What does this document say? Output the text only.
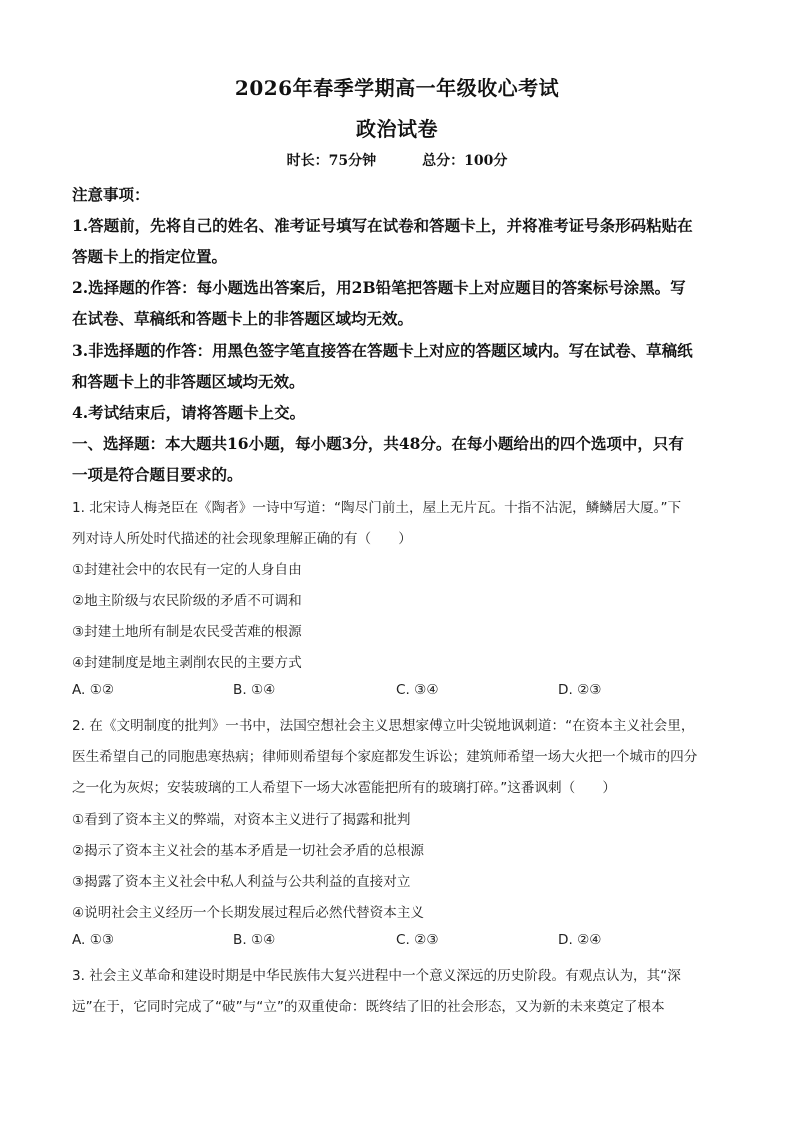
2026年春季学期高一年级收心考试
政治试卷
时长：75分钟	总分：100分
注意事项：
1.答题前，先将自己的姓名、准考证号填写在试卷和答题卡上，并将准考证号条形码粘贴在
答题卡上的指定位置。
2.选择题的作答：每小题选出答案后，用2B铅笔把答题卡上对应题目的答案标号涂黑。写
在试卷、草稿纸和答题卡上的非答题区域均无效。
3.非选择题的作答：用黑色签字笔直接答在答题卡上对应的答题区域内。写在试卷、草稿纸
和答题卡上的非答题区域均无效。
4.考试结束后，请将答题卡上交。
一、选择题：本大题共16小题，每小题3分，共48分。在每小题给出的四个选项中，只有
一项是符合题目要求的。
1. 北宋诗人梅尧臣在《陶者》一诗中写道：“陶尽门前土，屋上无片瓦。十指不沾泥，鳞鳞居大厦。”下
列对诗人所处时代描述的社会现象理解正确的有（　　）
①封建社会中的农民有一定的人身自由
②地主阶级与农民阶级的矛盾不可调和
③封建土地所有制是农民受苦难的根源
④封建制度是地主剥削农民的主要方式
A. ①②	B. ①④	C. ③④	D. ②③
2. 在《文明制度的批判》一书中，法国空想社会主义思想家傅立叶尖锐地讽刺道：“在资本主义社会里，
医生希望自己的同胞患寒热病；律师则希望每个家庭都发生诉讼；建筑师希望一场大火把一个城市的四分
之一化为灰烬；安装玻璃的工人希望下一场大冰雹能把所有的玻璃打碎。”这番讽刺（　　）
①看到了资本主义的弊端，对资本主义进行了揭露和批判
②揭示了资本主义社会的基本矛盾是一切社会矛盾的总根源
③揭露了资本主义社会中私人利益与公共利益的直接对立
④说明社会主义经历一个长期发展过程后必然代替资本主义
A. ①③	B. ①④	C. ②③	D. ②④
3. 社会主义革命和建设时期是中华民族伟大复兴进程中一个意义深远的历史阶段。有观点认为，其“深
远”在于，它同时完成了“破”与“立”的双重使命：既终结了旧的社会形态，又为新的未来奠定了根本
